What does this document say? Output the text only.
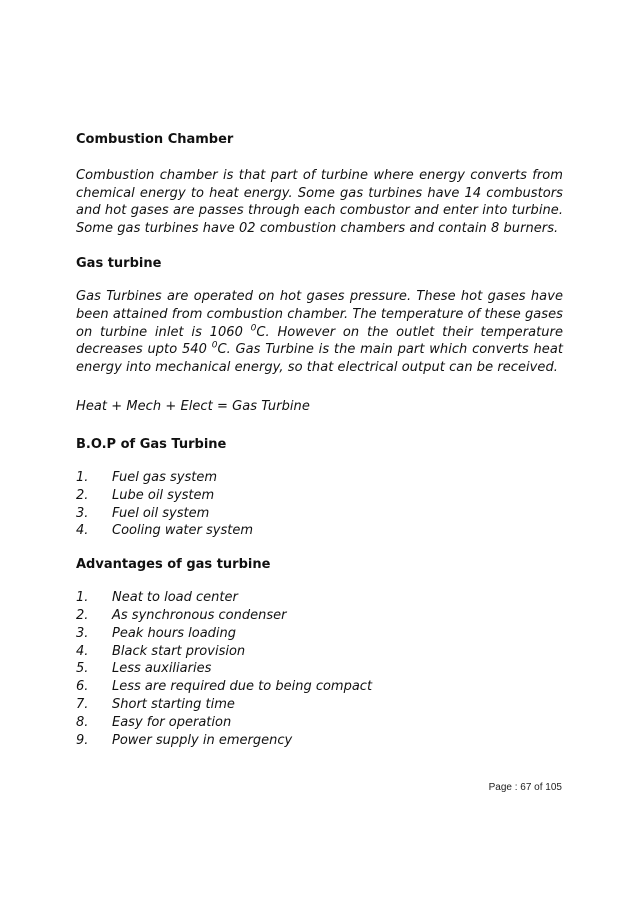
Combustion Chamber

Combustion chamber is that part of turbine where energy converts from chemical energy to heat energy. Some gas turbines have 14 combustors and hot gases are passes through each combustor and enter into turbine. Some gas turbines have 02 combustion chambers and contain 8 burners.

Gas turbine

Gas Turbines are operated on hot gases pressure. These hot gases have been attained from combustion chamber. The temperature of these gases on turbine inlet is 1060 $^0$C. However on the outlet their temperature decreases upto 540 $^0$C. Gas Turbine is the main part which converts heat energy into mechanical energy, so that electrical output can be received.

Heat + Mech + Elect = Gas Turbine

B.O.P of Gas Turbine
1.	Fuel gas system
2.	Lube oil system
3.	Fuel oil system
4.	Cooling water system
Advantages of gas turbine
1.	Neat to load center
2.	As synchronous condenser
3.	Peak hours loading
4.	Black start provision
5.	Less auxiliaries
6.	Less are required due to being compact
7.	Short starting time
8.	Easy for operation
9.	Power supply in emergency
Page : 67 of 105
